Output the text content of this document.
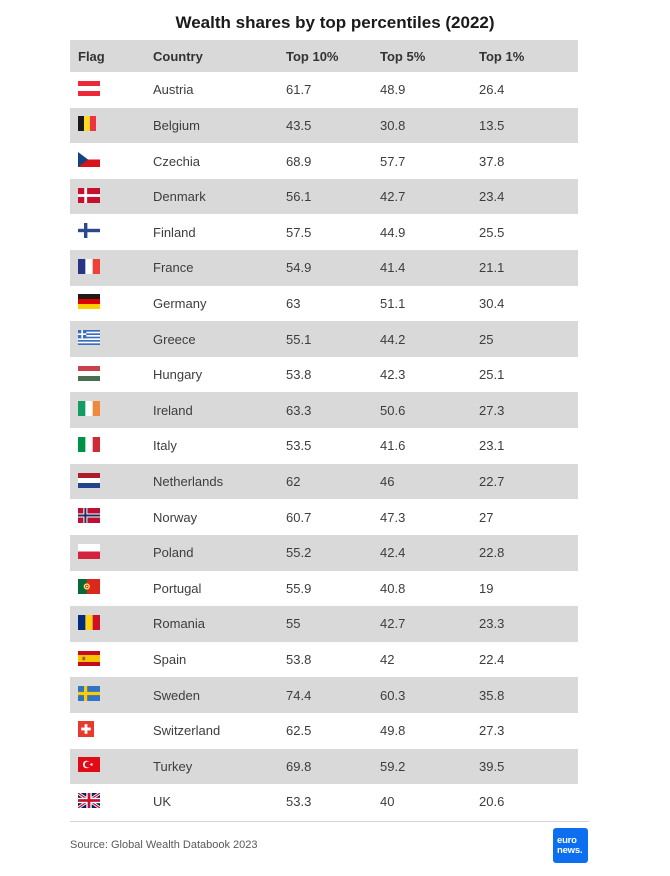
Wealth shares by top percentiles (2022)
Flag	Country	Top 10%	Top 5%	Top 1%
Austria	61.7	48.9	26.4
Belgium	43.5	30.8	13.5
Czechia	68.9	57.7	37.8
Denmark	56.1	42.7	23.4
Finland	57.5	44.9	25.5
France	54.9	41.4	21.1
Germany	63	51.1	30.4
Greece	55.1	44.2	25
Hungary	53.8	42.3	25.1
Ireland	63.3	50.6	27.3
Italy	53.5	41.6	23.1
Netherlands	62	46	22.7
Norway	60.7	47.3	27
Poland	55.2	42.4	22.8
Portugal	55.9	40.8	19
Romania	55	42.7	23.3
Spain	53.8	42	22.4
Sweden	74.4	60.3	35.8
Switzerland	62.5	49.8	27.3
Turkey	69.8	59.2	39.5
UK	53.3	40	20.6
Source: Global Wealth Databook 2023	euro
news.
